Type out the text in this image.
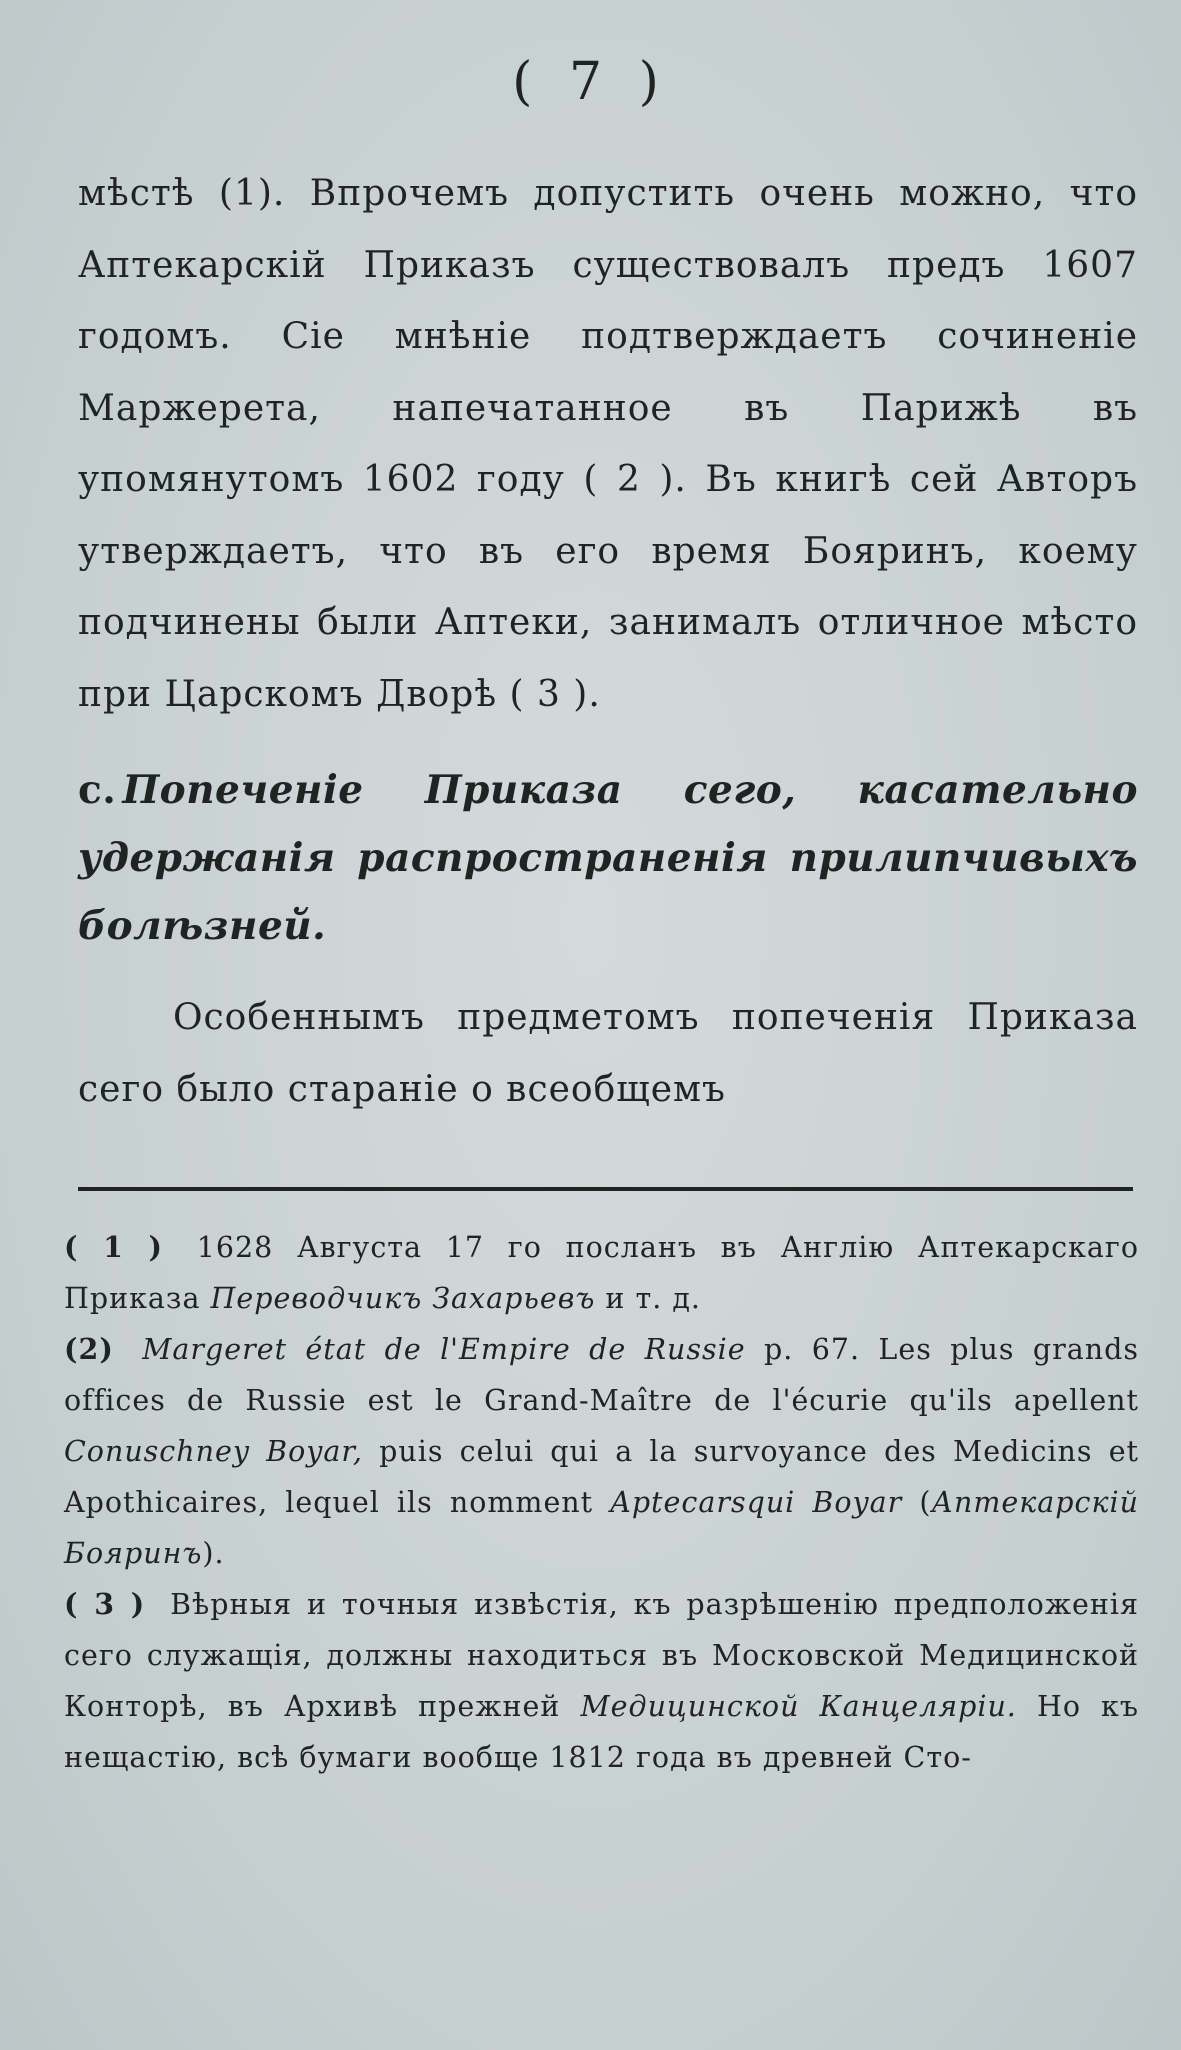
( 7 )

мѣстѣ (1). Впрочемъ допустить очень можно, что Аптекарскій Приказъ существовалъ предъ 1607 годомъ. Сіе мнѣніе подтверждаетъ сочиненіе Маржерета, напечатанное въ Парижѣ въ упомянутомъ 1602 году ( 2 ). Въ книгѣ сей Авторъ утверждаетъ, что въ его время Бояринъ, коему подчинены были Аптеки, занималъ отличное мѣсто при Царскомъ Дворѣ ( 3 ).

с. Попеченіе Приказа сего, касательно удержанія распространенія прилипчивыхъ болѣзней.

Особеннымъ предметомъ попеченія Приказа сего было стараніе о всеобщемъ

( 1 ) 1628 Августа 17 го посланъ въ Англію Аптекарскаго Приказа Переводчикъ Захарьевъ и т. д.

(2) Margeret état de l'Empire de Russie p. 67. Les plus grands offices de Russie est le Grand-Maître de l'écurie qu'ils apellent Conuschney Boyar, puis celui qui a la survoyance des Medicins et Apothicaires, lequel ils nomment Aptecarsqui Boyar (Аптекарскій Бояринъ).

( 3 ) Вѣрныя и точныя извѣстія, къ разрѣшенію предположенія сего служащія, должны находиться въ Московской Медицинской Конторѣ, въ Архивѣ прежней Медицинской Канцеляріи. Но къ нещастію, всѣ бумаги вообще 1812 года въ древней Сто-
